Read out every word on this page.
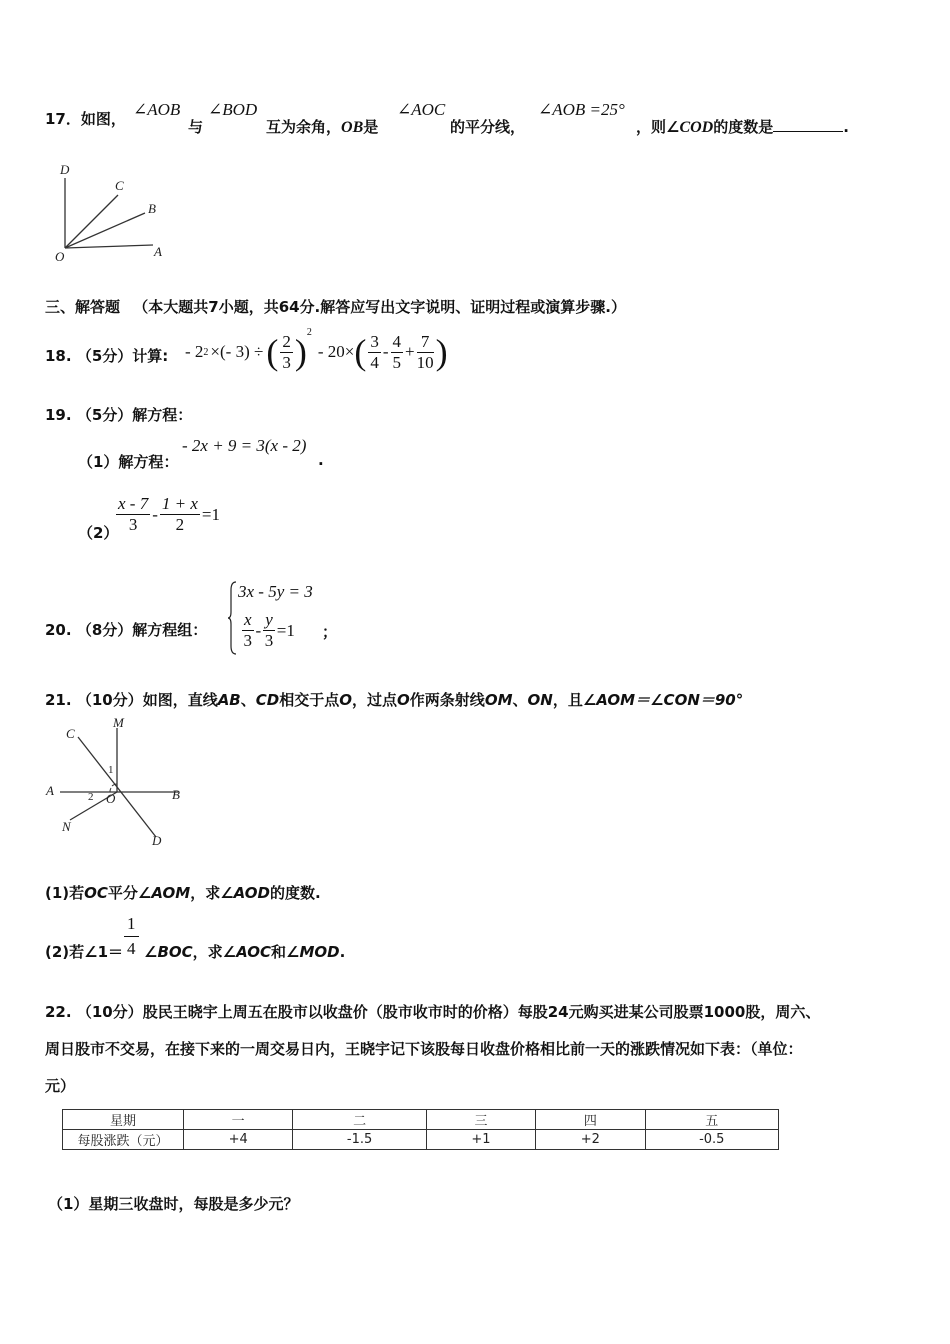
17．如图， ∠AOB
与
∠BOD
互为余角，OB是
∠AOC
的平分线，
∠AOB =25°
，则∠COD的度数是	.
D
C
B
O	A
三、解答题 （本大题共7小题，共64分.解答应写出文字说明、证明过程或演算步骤.）
18. （5分）计算: - 2 2 ×(- 3) ÷ ( $\frac{2}{3} )^2$
- 20× ( $\frac{3}{4} - \frac{4}{5} + \frac{7}{10}$ )
19. （5分）解方程：
（1）解方程：
- 2x + 9 = 3(x - 2)
.
（2）
$\frac{x - 7}{3} - \frac{1 + x}{2} =1$
20. （8分）解方程组：
3x - 5y = 3
$\frac{x}{3} - \frac{y}{3} =1$ ；
21. （10分）如图，直线AB、CD相交于点O，过点O作两条射线OM、ON，且∠AOM＝∠CON＝90°
M
C
1
A	2 O	B
N
D
(1)若OC平分∠AOM，求∠AOD的度数.
(2)若∠1＝ $\frac{1}{4}$ ∠BOC，求∠AOC和∠MOD.
22. （10分）股民王晓宇上周五在股市以收盘价（股市收市时的价格）每股24元购买进某公司股票1000股，周六、
周日股市不交易，在接下来的一周交易日内，王晓宇记下该股每日收盘价格相比前一天的涨跌情况如下表：（单位：
元）
星期	一	二	三	四	五
每股涨跌（元）	+4	-1.5	+1	+2	-0.5
（1）星期三收盘时，每股是多少元？
